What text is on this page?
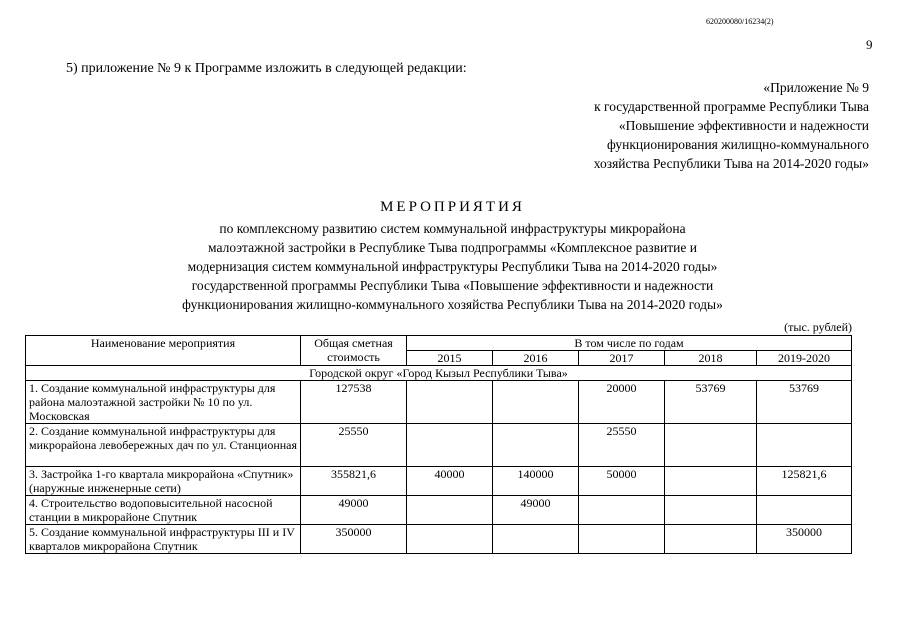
620200080/16234(2)
9
5) приложение № 9 к Программе изложить в следующей редакции:
«Приложение № 9
к государственной программе Республики Тыва
«Повышение эффективности и надежности
функционирования жилищно-коммунального
хозяйства Республики Тыва на 2014-2020 годы»
МЕРОПРИЯТИЯ
по комплексному развитию систем коммунальной инфраструктуры микрорайона
малоэтажной застройки в Республике Тыва подпрограммы «Комплексное развитие и
модернизация систем коммунальной инфраструктуры Республики Тыва на 2014-2020 годы»
государственной программы Республики Тыва «Повышение эффективности и надежности
функционирования жилищно-коммунального хозяйства Республики Тыва на 2014-2020 годы»
(тыс. рублей)
Наименование мероприятия	Общая сметная стоимость	В том числе по годам				
		2015	2016	2017	2018	2019-2020
Городской округ «Город Кызыл Республики Тыва»						
1. Создание коммунальной инфраструктуры для района малоэтажной застройки № 10 по ул. Московская	127538			20000	53769	53769
2. Создание коммунальной инфраструктуры для микрорайона левобережных дач по ул. Станционная	25550			25550		
3. Застройка 1-го квартала микрорайона «Спутник» (наружные инженерные сети)	355821,6	40000	140000	50000		125821,6
4. Строительство водоповысительной насосной станции в микрорайоне Спутник	49000		49000			
5. Создание коммунальной инфраструктуры III и IV кварталов микрорайона Спутник	350000					350000
